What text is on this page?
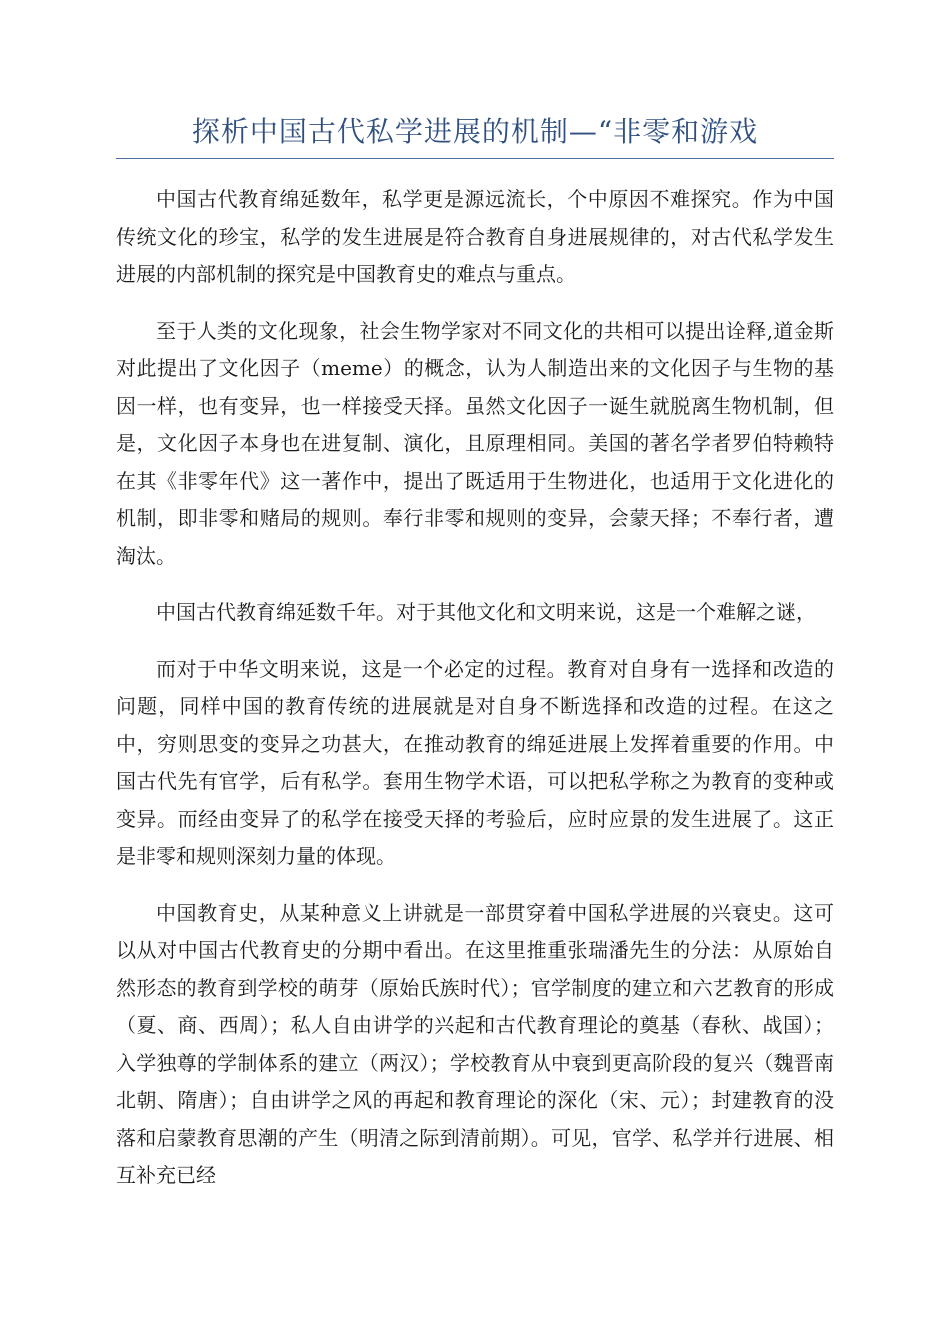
探析中国古代私学进展的机制—“非零和游戏

中国古代教育绵延数年，私学更是源远流长，个中原因不难探究。作为中国传统文化的珍宝，私学的发生进展是符合教育自身进展规律的，对古代私学发生进展的内部机制的探究是中国教育史的难点与重点。

至于人类的文化现象，社会生物学家对不同文化的共相可以提出诠释,道金斯对此提出了文化因子（meme）的概念，认为人制造出来的文化因子与生物的基因一样，也有变异，也一样接受天择。虽然文化因子一诞生就脱离生物机制，但是，文化因子本身也在进复制、演化，且原理相同。美国的著名学者罗伯特赖特在其《非零年代》这一著作中，提出了既适用于生物进化，也适用于文化进化的机制，即非零和赌局的规则。奉行非零和规则的变异，会蒙天择；不奉行者，遭淘汰。

中国古代教育绵延数千年。对于其他文化和文明来说，这是一个难解之谜，

而对于中华文明来说，这是一个必定的过程。教育对自身有一选择和改造的问题，同样中国的教育传统的进展就是对自身不断选择和改造的过程。在这之中，穷则思变的变异之功甚大，在推动教育的绵延进展上发挥着重要的作用。中国古代先有官学，后有私学。套用生物学术语，可以把私学称之为教育的变种或变异。而经由变异了的私学在接受天择的考验后，应时应景的发生进展了。这正是非零和规则深刻力量的体现。

中国教育史，从某种意义上讲就是一部贯穿着中国私学进展的兴衰史。这可以从对中国古代教育史的分期中看出。在这里推重张瑞潘先生的分法：从原始自然形态的教育到学校的萌芽（原始氏族时代）；官学制度的建立和六艺教育的形成（夏、商、西周）；私人自由讲学的兴起和古代教育理论的奠基（春秋、战国）；入学独尊的学制体系的建立（两汉）；学校教育从中衰到更高阶段的复兴（魏晋南北朝、隋唐）；自由讲学之风的再起和教育理论的深化（宋、元）；封建教育的没落和启蒙教育思潮的产生（明清之际到清前期）。可见，官学、私学并行进展、相互补充已经
